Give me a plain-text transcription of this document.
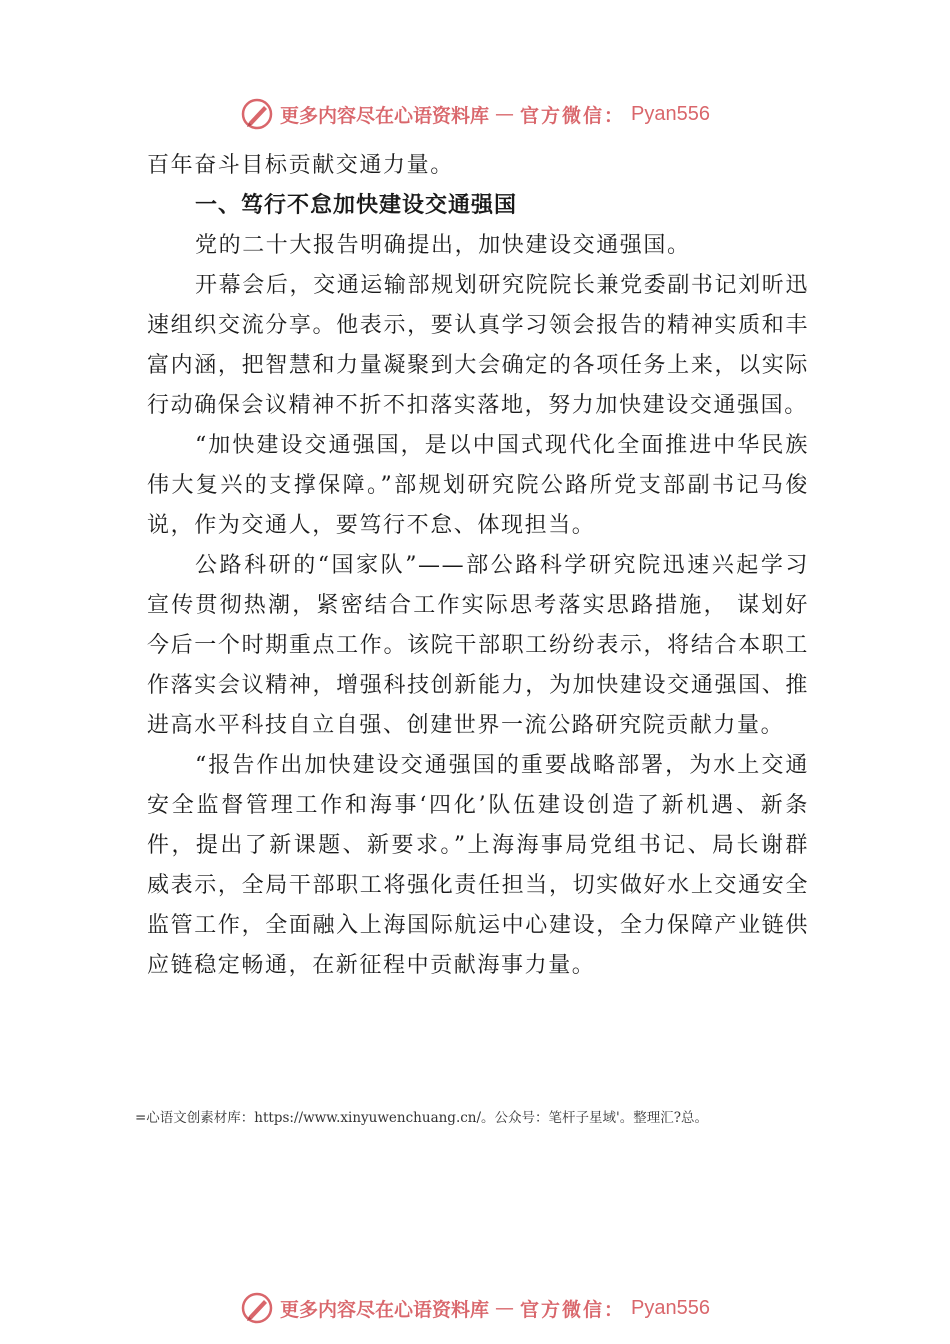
更多内容尽在心语资料库 — 官方微信： Pyan556

百年奋斗目标贡献交通力量。

一、笃行不怠加快建设交通强国

党的二十大报告明确提出，加快建设交通强国。

开幕会后，交通运输部规划研究院院长兼党委副书记刘昕迅速组织交流分享。他表示，要认真学习领会报告的精神实质和丰富内涵，把智慧和力量凝聚到大会确定的各项任务上来，以实际行动确保会议精神不折不扣落实落地，努力加快建设交通强国。

“加快建设交通强国，是以中国式现代化全面推进中华民族伟大复兴的支撑保障。”部规划研究院公路所党支部副书记马俊说，作为交通人，要笃行不怠、体现担当。

公路科研的“国家队”——部公路科学研究院迅速兴起学习宣传贯彻热潮，紧密结合工作实际思考落实思路措施， 谋划好今后一个时期重点工作。该院干部职工纷纷表示，将结合本职工作落实会议精神，增强科技创新能力，为加快建设交通强国、推进高水平科技自立自强、创建世界一流公路研究院贡献力量。

“报告作出加快建设交通强国的重要战略部署，为水上交通安全监督管理工作和海事‘四化’队伍建设创造了新机遇、新条件，提出了新课题、新要求。”上海海事局党组书记、局长谢群威表示，全局干部职工将强化责任担当，切实做好水上交通安全监管工作，全面融入上海国际航运中心建设，全力保障产业链供应链稳定畅通，在新征程中贡献海事力量。

=心语文创素材库：https://www.xinyuwenchuang.cn/。公众号：笔杆子星域'。整理汇?总。
更多内容尽在心语资料库 — 官方微信： Pyan556
